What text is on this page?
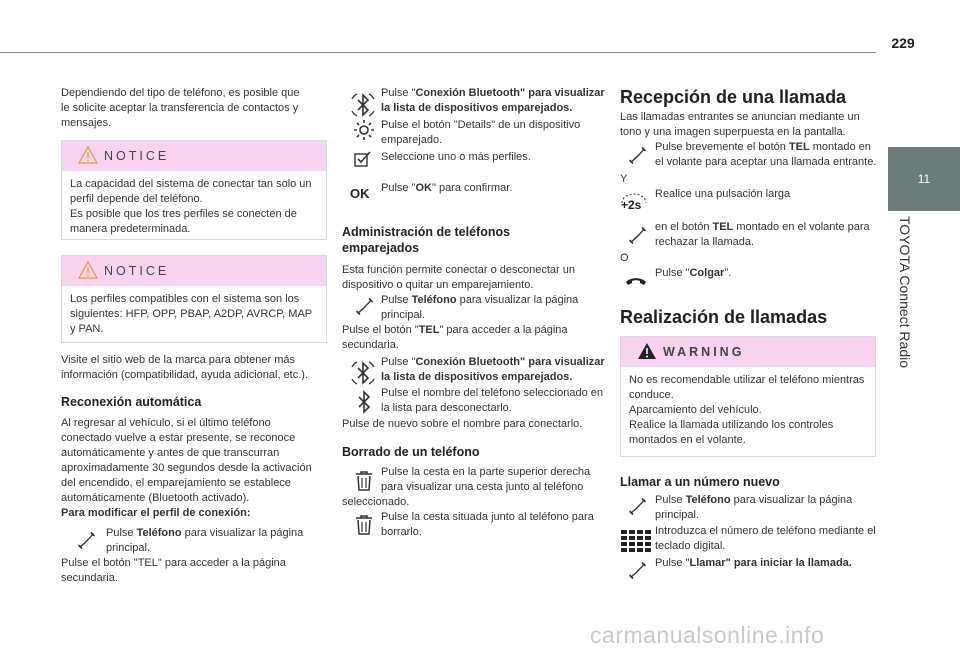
229
11
TOYOTA Connect Radio

Dependiendo del tipo de teléfono, es posible que

le solicite aceptar la transferencia de contactos y

mensajes.

NOTICE

La capacidad del sistema de conectar tan solo un

perfil depende del teléfono.

Es posible que los tres perfiles se conecten de

manera predeterminada.

NOTICE

Los perfiles compatibles con el sistema son los

siguientes: HFP, OPP, PBAP, A2DP, AVRCP, MAP

y PAN.

Visite el sitio web de la marca para obtener más

información (compatibilidad, ayuda adicional, etc.).

Reconexión automática

Al regresar al vehículo, si el último teléfono

conectado vuelve a estar presente, se reconoce

automáticamente y antes de que transcurran

aproximadamente 30 segundos desde la activación

del encendido, el emparejamiento se establece

automáticamente (Bluetooth activado).

Para modificar el perfil de conexión:

Pulse Teléfono para visualizar la página

principal.

Pulse el botón "TEL" para acceder a la página

secundaria.

Pulse "Conexión Bluetooth" para visualizar

la lista de dispositivos emparejados.

Pulse el botón "Details" de un dispositivo

emparejado.

Seleccione uno o más perfiles.
OK Pulse "OK" para confirmar.
Administración de teléfonos
emparejados

Esta función permite conectar o desconectar un

dispositivo o quitar un emparejamiento.

Pulse Teléfono para visualizar la página

principal.

Pulse el botón "TEL" para acceder a la página

secundaria.

Pulse "Conexión Bluetooth" para visualizar

la lista de dispositivos emparejados.

Pulse el nombre del teléfono seleccionado en

la lista para desconectarlo.

Pulse de nuevo sobre el nombre para conectarlo.
Borrado de un teléfono

Pulse la cesta en la parte superior derecha

para visualizar una cesta junto al teléfono

seleccionado.

Pulse la cesta situada junto al teléfono para

borrarlo.

Recepción de una llamada

Las llamadas entrantes se anuncian mediante un

tono y una imagen superpuesta en la pantalla.

Pulse brevemente el botón TEL montado en

el volante para aceptar una llamada entrante.

Y
+2s
Realice una pulsación larga

en el botón TEL montado en el volante para

rechazar la llamada.

O
Pulse "Colgar".
Realización de llamadas
WARNING

No es recomendable utilizar el teléfono mientras

conduce.

Aparcamiento del vehículo.

Realice la llamada utilizando los controles

montados en el volante.

Llamar a un número nuevo

Pulse Teléfono para visualizar la página

principal.

Introduzca el número de teléfono mediante el

teclado digital.

Pulse "Llamar" para iniciar la llamada.
carmanualsonline.info
